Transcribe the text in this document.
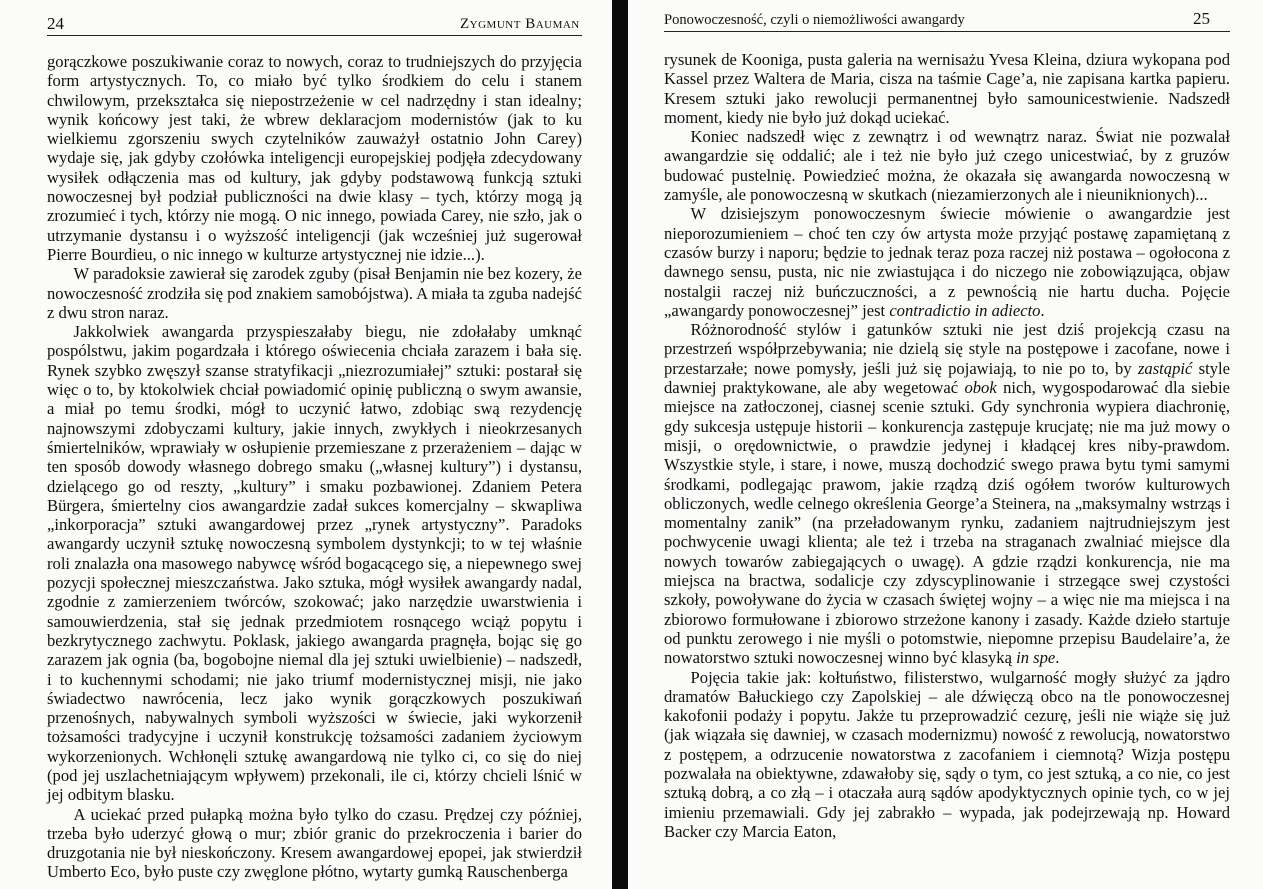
24	Zygmunt Bauman

gorączkowe poszukiwanie coraz to nowych, coraz to trudniejszych do przyjęcia form artystycznych. To, co miało być tylko środkiem do celu i stanem chwilowym, przekształca się niepostrzeżenie w cel nadrzędny i stan idealny; wynik końcowy jest taki, że wbrew deklaracjom modernistów (jak to ku wielkiemu zgorszeniu swych czytelników zauważył ostatnio John Carey) wydaje się, jak gdyby czołówka inteligencji europejskiej podjęła zdecydowany wysiłek odłączenia mas od kultury, jak gdyby podstawową funkcją sztuki nowoczesnej był podział publiczności na dwie klasy – tych, którzy mogą ją zrozumieć i tych, którzy nie mogą. O nic innego, powiada Carey, nie szło, jak o utrzymanie dystansu i o wyższość inteligencji (jak wcześniej już sugerował Pierre Bourdieu, o nic innego w kulturze artystycznej nie idzie...).

W paradoksie zawierał się zarodek zguby (pisał Benjamin nie bez kozery, że nowoczesność zrodziła się pod znakiem samobójstwa). A miała ta zguba nadejść z dwu stron naraz.

Jakkolwiek awangarda przyspieszałaby biegu, nie zdołałaby umknąć pospólstwu, jakim pogardzała i którego oświecenia chciała zarazem i bała się. Rynek szybko zwęszył szanse stratyfikacji „niezrozumiałej” sztuki: postarał się więc o to, by ktokolwiek chciał powiadomić opinię publiczną o swym awansie, a miał po temu środki, mógł to uczynić łatwo, zdobiąc swą rezydencję najnowszymi zdobyczami kultury, jakie innych, zwykłych i nieokrzesanych śmiertelników, wprawiały w osłupienie przemieszane z przerażeniem – dając w ten sposób dowody własnego dobrego smaku („własnej kultury”) i dystansu, dzielącego go od reszty, „kultury” i smaku pozbawionej. Zdaniem Petera Bürgera, śmiertelny cios awangardzie zadał sukces komercjalny – skwapliwa „inkorporacja” sztuki awangardowej przez „rynek artystyczny”. Paradoks awangardy uczynił sztukę nowoczesną symbolem dystynkcji; to w tej właśnie roli znalazła ona masowego nabywcę wśród bogacącego się, a niepewnego swej pozycji społecznej mieszczaństwa. Jako sztuka, mógł wysiłek awangardy nadal, zgodnie z zamierzeniem twórców, szokować; jako narzędzie uwarstwienia i samouwierdzenia, stał się jednak przedmiotem rosnącego wciąż popytu i bezkrytycznego zachwytu. Poklask, jakiego awangarda pragnęła, bojąc się go zarazem jak ognia (ba, bogobojne niemal dla jej sztuki uwielbienie) – nadszedł, i to kuchennymi schodami; nie jako triumf modernistycznej misji, nie jako świadectwo nawrócenia, lecz jako wynik gorączkowych poszukiwań przenośnych, nabywalnych symboli wyższości w świecie, jaki wykorzenił tożsamości tradycyjne i uczynił konstrukcję tożsamości zadaniem życiowym wykorzenionych. Wchłonęli sztukę awangardową nie tylko ci, co się do niej (pod jej uszlachetniającym wpływem) przekonali, ile ci, którzy chcieli lśnić w jej odbitym blasku.

A uciekać przed pułapką można było tylko do czasu. Prędzej czy później, trzeba było uderzyć głową o mur; zbiór granic do przekroczenia i barier do druzgotania nie był nieskończony. Kresem awangardowej epopei, jak stwierdził Umberto Eco, było puste czy zwęglone płótno, wytarty gumką Rauschenberga

Ponowoczesność, czyli o niemożliwości awangardy	25

rysunek de Kooniga, pusta galeria na wernisażu Yvesa Kleina, dziura wykopana pod Kassel przez Waltera de Maria, cisza na taśmie Cage’a, nie zapisana kartka papieru. Kresem sztuki jako rewolucji permanentnej było samounicestwienie. Nadszedł moment, kiedy nie było już dokąd uciekać.

Koniec nadszedł więc z zewnątrz i od wewnątrz naraz. Świat nie pozwalał awangardzie się oddalić; ale i też nie było już czego unicestwiać, by z gruzów budować pustelnię. Powiedzieć można, że okazała się awangarda nowoczesną w zamyśle, ale ponowoczesną w skutkach (niezamierzonych ale i nieuniknionych)...

W dzisiejszym ponowoczesnym świecie mówienie o awangardzie jest nieporozumieniem – choć ten czy ów artysta może przyjąć postawę zapamiętaną z czasów burzy i naporu; będzie to jednak teraz poza raczej niż postawa – ogołocona z dawnego sensu, pusta, nic nie zwiastująca i do niczego nie zobowiązująca, objaw nostalgii raczej niż buńczuczności, a z pewnością nie hartu ducha. Pojęcie „awangardy ponowoczesnej” jest contradictio in adiecto.

Różnorodność stylów i gatunków sztuki nie jest dziś projekcją czasu na przestrzeń współprzebywania; nie dzielą się style na postępowe i zacofane, nowe i przestarzałe; nowe pomysły, jeśli już się pojawiają, to nie po to, by zastąpić style dawniej praktykowane, ale aby wegetować obok nich, wygospodarować dla siebie miejsce na zatłoczonej, ciasnej scenie sztuki. Gdy synchronia wypiera diachronię, gdy sukcesja ustępuje historii – konkurencja zastępuje krucjatę; nie ma już mowy o misji, o orędownictwie, o prawdzie jedynej i kładącej kres niby-prawdom. Wszystkie style, i stare, i nowe, muszą dochodzić swego prawa bytu tymi samymi środkami, podlegając prawom, jakie rządzą dziś ogółem tworów kulturowych obliczonych, wedle celnego określenia George’a Steinera, na „maksymalny wstrząs i momentalny zanik” (na przeładowanym rynku, zadaniem najtrudniejszym jest pochwycenie uwagi klienta; ale też i trzeba na straganach zwalniać miejsce dla nowych towarów zabiegających o uwagę). A gdzie rządzi konkurencja, nie ma miejsca na bractwa, sodalicje czy zdyscyplinowanie i strzegące swej czystości szkoły, powoływane do życia w czasach świętej wojny – a więc nie ma miejsca i na zbiorowo formułowane i zbiorowo strzeżone kanony i zasady. Każde dzieło startuje od punktu zerowego i nie myśli o potomstwie, niepomne przepisu Baudelaire’a, że nowatorstwo sztuki nowoczesnej winno być klasyką in spe.

Pojęcia takie jak: kołtuństwo, filisterstwo, wulgarność mogły służyć za jądro dramatów Bałuckiego czy Zapolskiej – ale dźwięczą obco na tle ponowoczesnej kakofonii podaży i popytu. Jakże tu przeprowadzić cezurę, jeśli nie wiąże się już (jak wiązała się dawniej, w czasach modernizmu) nowość z rewolucją, nowatorstwo z postępem, a odrzucenie nowatorstwa z zacofaniem i ciemnotą? Wizja postępu pozwalała na obiektywne, zdawałoby się, sądy o tym, co jest sztuką, a co nie, co jest sztuką dobrą, a co złą – i otaczała aurą sądów apodyktycznych opinie tych, co w jej imieniu przemawiali. Gdy jej zabrakło – wypada, jak podejrzewają np. Howard Backer czy Marcia Eaton,
